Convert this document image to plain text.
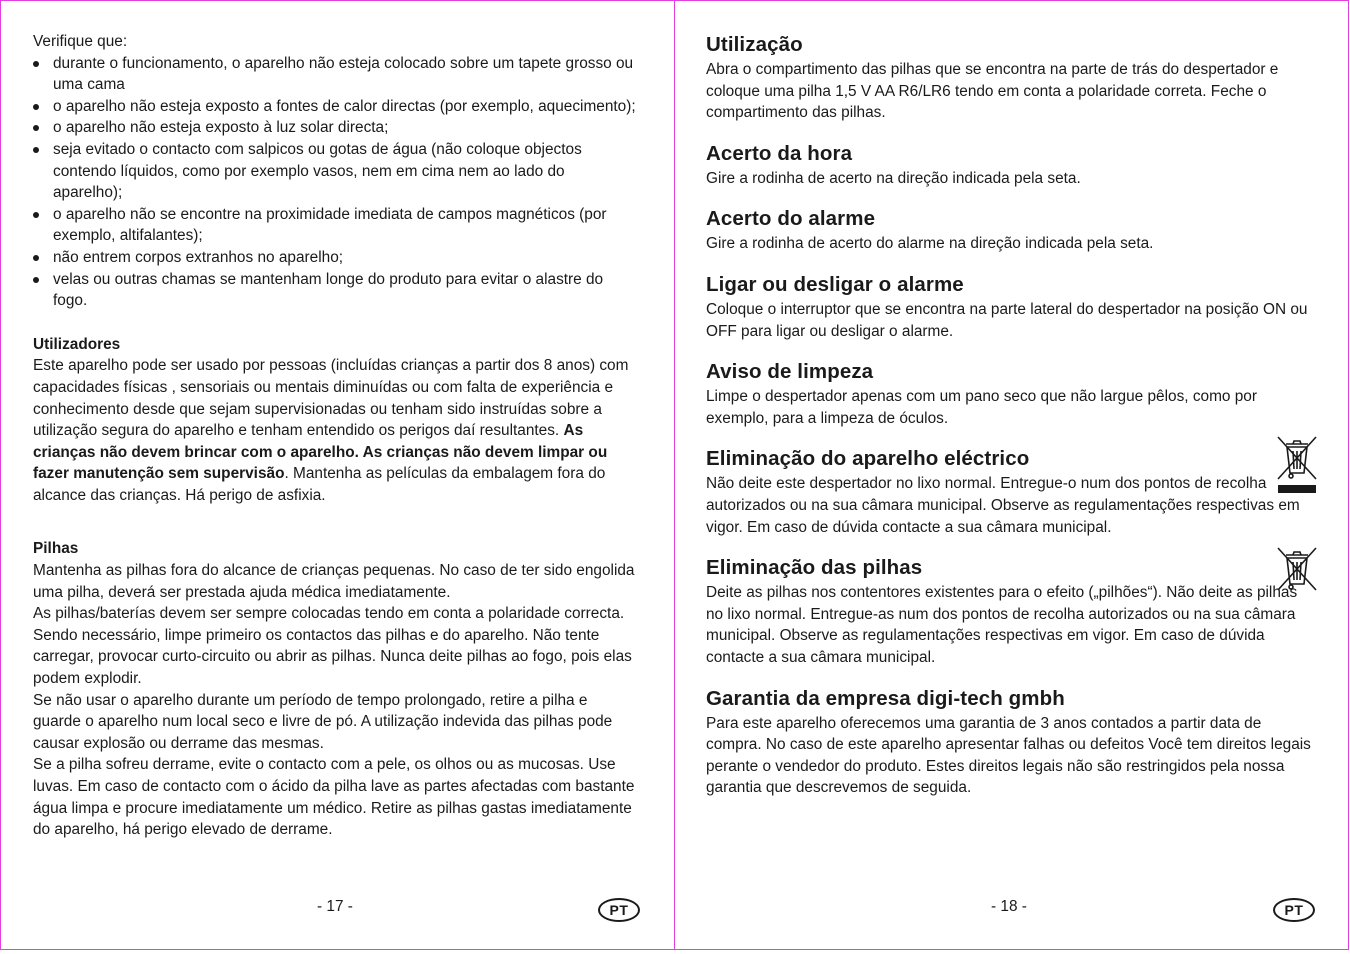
Verifique que:

durante o funcionamento, o aparelho não esteja colocado sobre um tapete grosso ou uma cama
o aparelho não esteja exposto a fontes de calor directas (por exemplo, aquecimento);
o aparelho não esteja exposto à luz solar directa;
seja evitado o contacto com salpicos ou gotas de água (não coloque objectos contendo líquidos, como por exemplo vasos, nem em cima nem ao lado do aparelho);
o aparelho não se encontre na proximidade imediata de campos magnéticos (por exemplo, altifalantes);
não entrem corpos extranhos no aparelho;
velas ou outras chamas se mantenham longe do produto para evitar o alastre do fogo.

Utilizadores

Este aparelho pode ser usado por pessoas (incluídas crianças a partir dos 8 anos) com capacidades físicas , sensoriais ou mentais diminuídas ou com falta de experiência e conhecimento desde que sejam supervisionadas ou tenham sido instruídas sobre a utilização segura do aparelho e tenham entendido os perigos daí resultantes. As crianças não devem brincar com o aparelho. As crianças não devem limpar ou fazer manutenção sem supervisão. Mantenha as películas da embalagem fora do alcance das crianças. Há perigo de asfixia.

Pilhas

Mantenha as pilhas fora do alcance de crianças pequenas. No caso de ter sido engolida uma pilha, deverá ser prestada ajuda médica imediatamente.

As pilhas/baterías devem ser sempre colocadas tendo em conta a polaridade correcta. Sendo necessário, limpe primeiro os contactos das pilhas e do aparelho. Não tente carregar, provocar curto-circuito ou abrir as pilhas. Nunca deite pilhas ao fogo, pois elas podem explodir.

Se não usar o aparelho durante um período de tempo prolongado, retire a pilha e guarde o aparelho num local seco e livre de pó. A utilização indevida das pilhas pode causar explosão ou derrame das mesmas.

Se a pilha sofreu derrame, evite o contacto com a pele, os olhos ou as mucosas. Use luvas. Em caso de contacto com o ácido da pilha lave as partes afectadas com bastante água limpa e procure imediatamente um médico. Retire as pilhas gastas imediatamente do aparelho, há perigo elevado de derrame.

- 17 -	PT

Utilização

Abra o compartimento das pilhas que se encontra na parte de trás do despertador e coloque uma pilha 1,5 V AA R6/LR6 tendo em conta a polaridade correta. Feche o compartimento das pilhas.

Acerto da hora

Gire a rodinha de acerto na direção indicada pela seta.

Acerto do alarme

Gire a rodinha de acerto do alarme na direção indicada pela seta.

Ligar ou desligar o alarme

Coloque o interruptor que se encontra na parte lateral do despertador na posição ON ou OFF para ligar ou desligar o alarme.

Aviso de limpeza

Limpe o despertador apenas com um pano seco que não largue pêlos, como por exemplo, para a limpeza de óculos.

Eliminação do aparelho eléctrico

Não deite este despertador no lixo normal. Entregue-o num dos pontos de recolha autorizados ou na sua câmara municipal. Observe as regulamentações respectivas em vigor. Em caso de dúvida contacte a sua câmara municipal.

Eliminação das pilhas

Deite as pilhas nos contentores existentes para o efeito („pilhões“). Não deite as pilhas no lixo normal. Entregue-as num dos pontos de recolha autorizados ou na sua câmara municipal. Observe as regulamentações respectivas em vigor. Em caso de dúvida contacte a sua câmara municipal.

Garantia da empresa digi-tech gmbh

Para este aparelho oferecemos uma garantia de 3 anos contados a partir data de compra. No caso de este aparelho apresentar falhas ou defeitos Você tem direitos legais perante o vendedor do produto. Estes direitos legais não são restringidos pela nossa garantia que descrevemos de seguida.

- 18 -	PT
